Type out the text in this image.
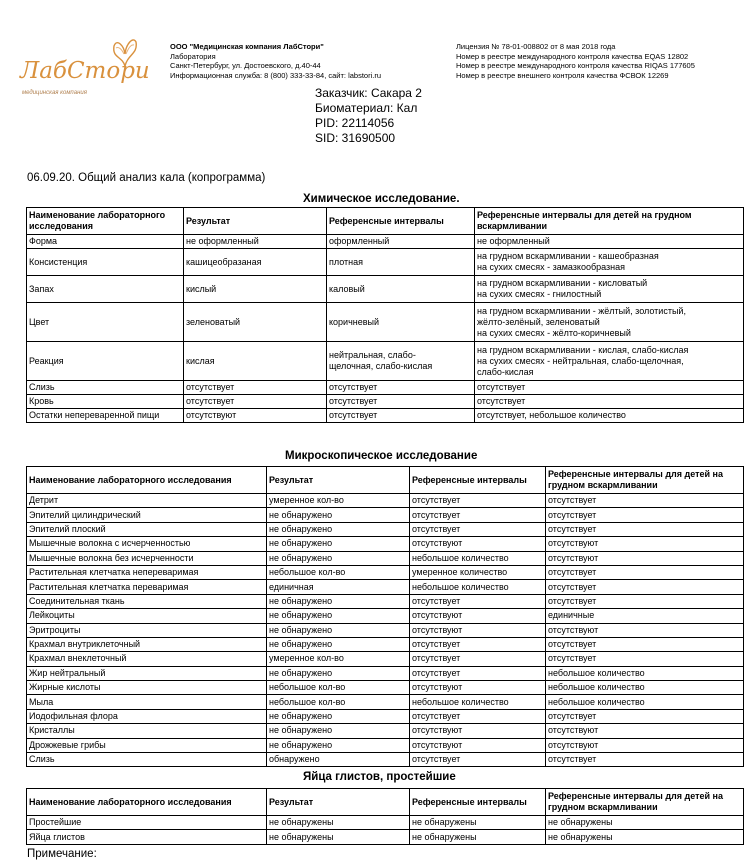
ЛабСтори
медицинская компания
ООО "Медицинская компания ЛабСтори"
Лаборатория
Санкт-Петербург, ул. Достоевского, д.40-44
Информационная служба: 8 (800) 333-33-84, сайт: labstori.ru
Лицензия № 78-01-008802 от 8 мая 2018 года
Номер в реестре международного контроля качества EQAS 12802
Номер в реестре международного контроля качества RIQAS 177605
Номер в реестре внешнего контроля качества ФСВОК 12269
Заказчик: Сакара 2
Биоматериал: Кал
PID: 22114056
SID: 31690500
06.09.20. Общий анализ кала (копрограмма)
Химическое исследование.
Наименование лабораторного исследования	Результат	Референсные интервалы	Референсные интервалы для детей на грудном вскармливании
Форма	не оформленный	оформленный	не оформленный
Консистенция	кашицеобразаная	плотная	на грудном вскармливании - кашеобразная
на сухих смесях - замазкообразная
Запах	кислый	каловый	на грудном вскармливании - кисловатый
на сухих смесях - гнилостный
Цвет	зеленоватый	коричневый	на грудном вскармливании - жёлтый, золотистый,
жёлто-зелёный, зеленоватый
на сухих смесях - жёлто-коричневый
Реакция	кислая	нейтральная, слабо-
щелочная, слабо-кислая	на грудном вскармливании - кислая, слабо-кислая
на сухих смесях - нейтральная, слабо-щелочная,
слабо-кислая
Слизь	отсутствует	отсутствует	отсутствует
Кровь	отсутствует	отсутствует	отсутствует
Остатки непереваренной пищи	отсутствуют	отсутствует	отсутствует, небольшое количество
Микроскопическое исследование
Наименование лабораторного исследования	Результат	Референсные интервалы	Референсные интервалы для детей на грудном вскармливании
Детрит	умеренное кол-во	отсутствует	отсутствует
Эпителий цилиндрический	не обнаружено	отсутствует	отсутствует
Эпителий плоский	не обнаружено	отсутствует	отсутствует
Мышечные волокна с исчерченностью	не обнаружено	отсутствуют	отсутствуют
Мышечные волокна без исчерченности	не обнаружено	небольшое количество	отсутствуют
Растительная клетчатка непереваримая	небольшое кол-во	умеренное количество	отсутствует
Растительная клетчатка переваримая	единичная	небольшое количество	отсутствует
Соединительная ткань	не обнаружено	отсутствует	отсутствует
Лейкоциты	не обнаружено	отсутствуют	единичные
Эритроциты	не обнаружено	отсутствуют	отсутствуют
Крахмал внутриклеточный	не обнаружено	отсутствует	отсутствует
Крахмал внеклеточный	умеренное кол-во	отсутствует	отсутствует
Жир нейтральный	не обнаружено	отсутствует	небольшое количество
Жирные кислоты	небольшое кол-во	отсутствуют	небольшое количество
Мыла	небольшое кол-во	небольшое количество	небольшое количество
Иодофильная флора	не обнаружено	отсутствует	отсутствует
Кристаллы	не обнаружено	отсутствуют	отсутствуют
Дрожжевые грибы	не обнаружено	отсутствуют	отсутствуют
Слизь	обнаружено	отсутствует	отсутствует
Яйца глистов, простейшие
Наименование лабораторного исследования	Результат	Референсные интервалы	Референсные интервалы для детей на грудном вскармливании
Простейшие	не обнаружены	не обнаружены	не обнаружены
Яйца глистов	не обнаружены	не обнаружены	не обнаружены
Примечание:
